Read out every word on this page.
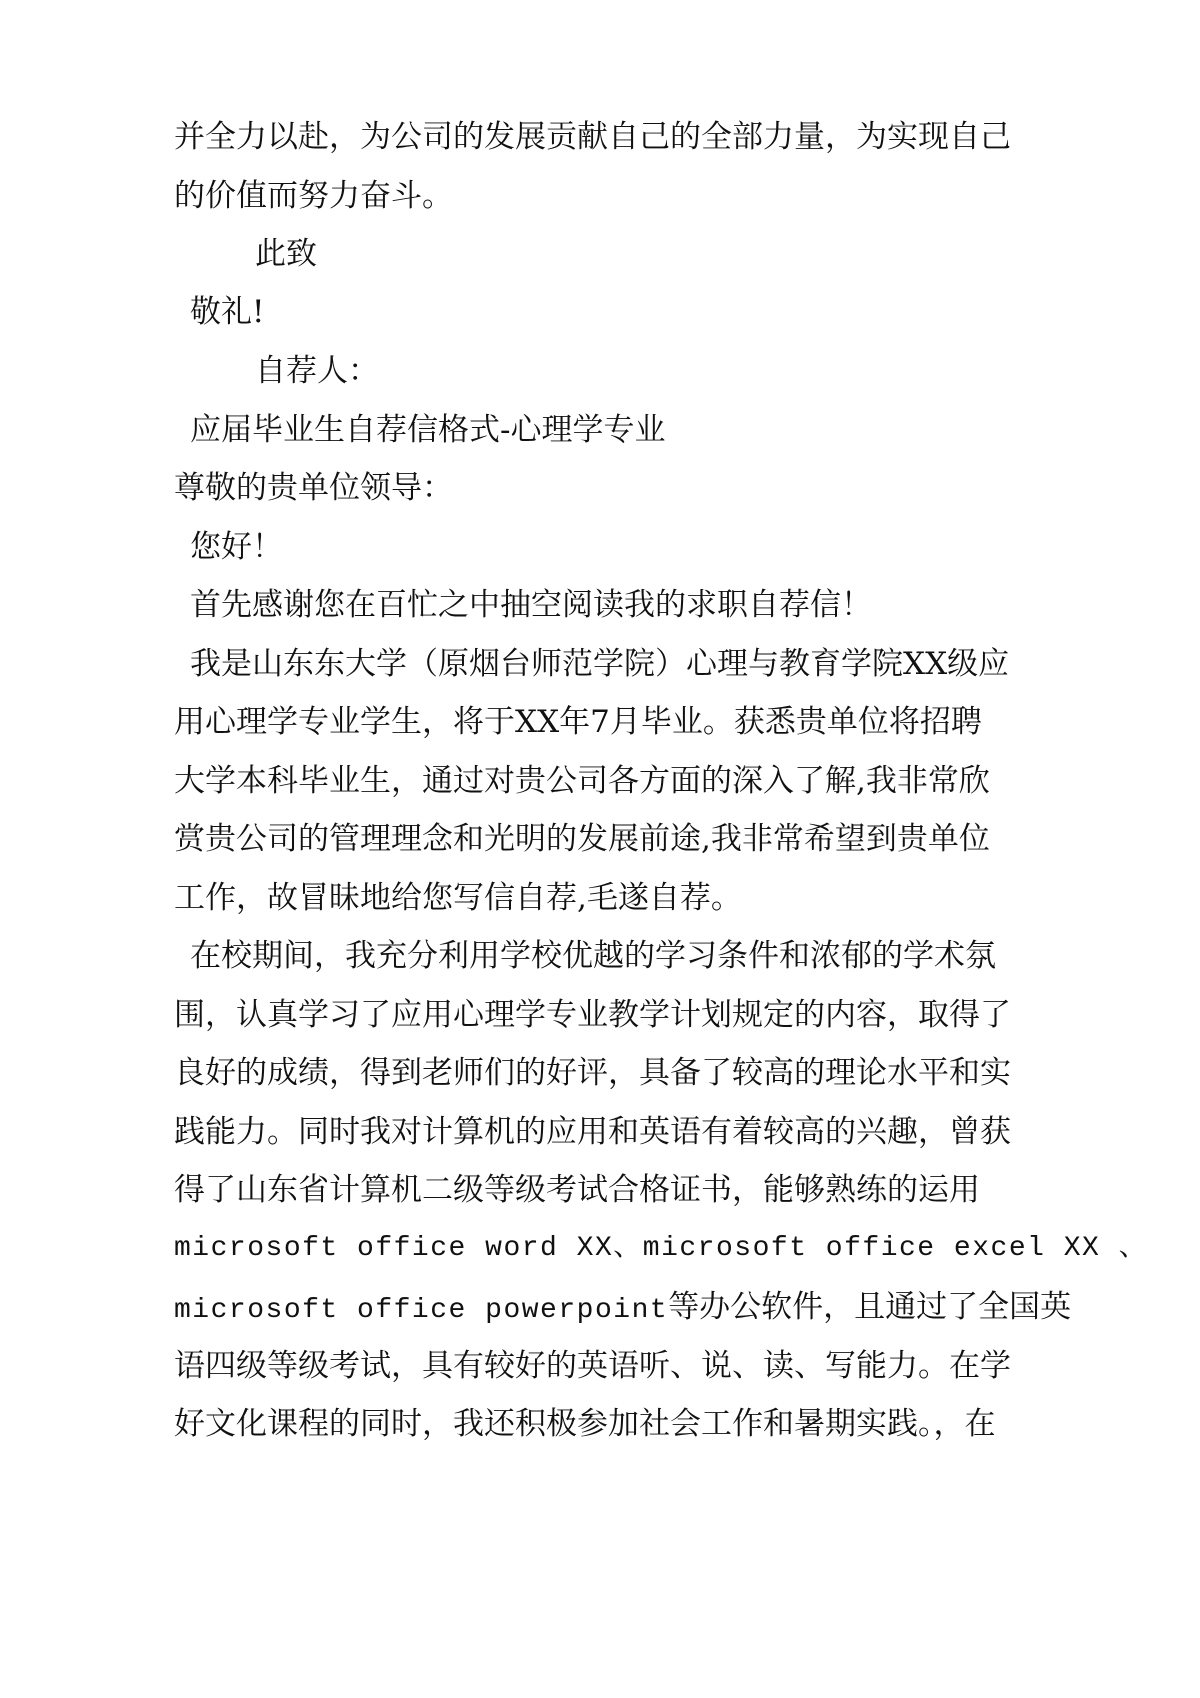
并全力以赴，为公司的发展贡献自己的全部力量，为实现自己
的价值而努力奋斗。
此致
敬礼!
自荐人：
应届毕业生自荐信格式-心理学专业
尊敬的贵单位领导：
您好！
首先感谢您在百忙之中抽空阅读我的求职自荐信！
我是山东东大学（原烟台师范学院）心理与教育学院XX级应
用心理学专业学生，将于XX年7月毕业。获悉贵单位将招聘
大学本科毕业生，通过对贵公司各方面的深入了解,我非常欣
赏贵公司的管理理念和光明的发展前途,我非常希望到贵单位
工作，故冒昧地给您写信自荐,毛遂自荐。
在校期间，我充分利用学校优越的学习条件和浓郁的学术氛
围，认真学习了应用心理学专业教学计划规定的内容，取得了
良好的成绩，得到老师们的好评，具备了较高的理论水平和实
践能力。同时我对计算机的应用和英语有着较高的兴趣，曾获
得了山东省计算机二级等级考试合格证书，能够熟练的运用
microsoft office word XX、microsoft office excel XX 、
microsoft office powerpoint等办公软件，且通过了全国英
语四级等级考试，具有较好的英语听、说、读、写能力。在学
好文化课程的同时，我还积极参加社会工作和暑期实践。，在
